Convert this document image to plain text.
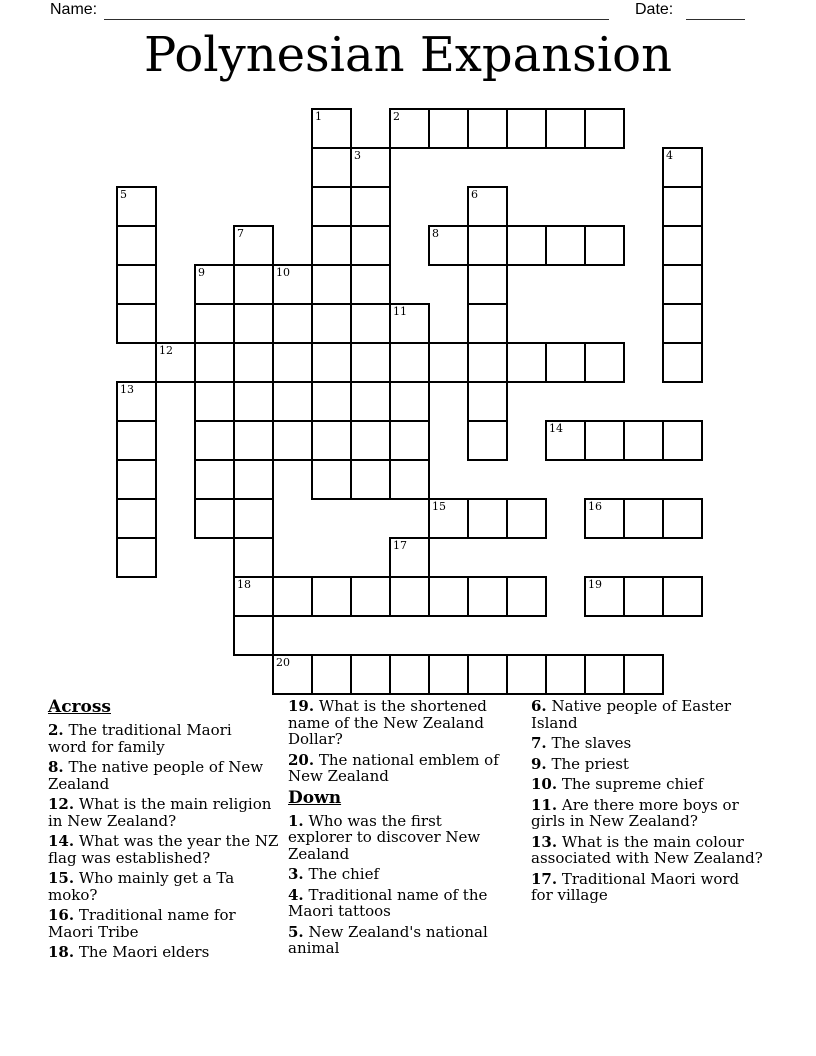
Name:	Date:
Polynesian Expansion
1	2
3	4
5	6
7	8
9	10
11
12
13
14
15	16
17
18	19
20
Across

2. The traditional Maori
word for family

8. The native people of New
Zealand

12. What is the main religion
in New Zealand?

14. What was the year the NZ
flag was established?

15. Who mainly get a Ta
moko?

16. Traditional name for
Maori Tribe

18. The Maori elders

19. What is the shortened
name of the New Zealand
Dollar?

20. The national emblem of
New Zealand

Down

1. Who was the first
explorer to discover New
Zealand

3. The chief

4. Traditional name of the
Maori tattoos

5. New Zealand's national
animal

6. Native people of Easter
Island

7. The slaves

9. The priest

10. The supreme chief

11. Are there more boys or
girls in New Zealand?

13. What is the main colour
associated with New Zealand?

17. Traditional Maori word
for village
